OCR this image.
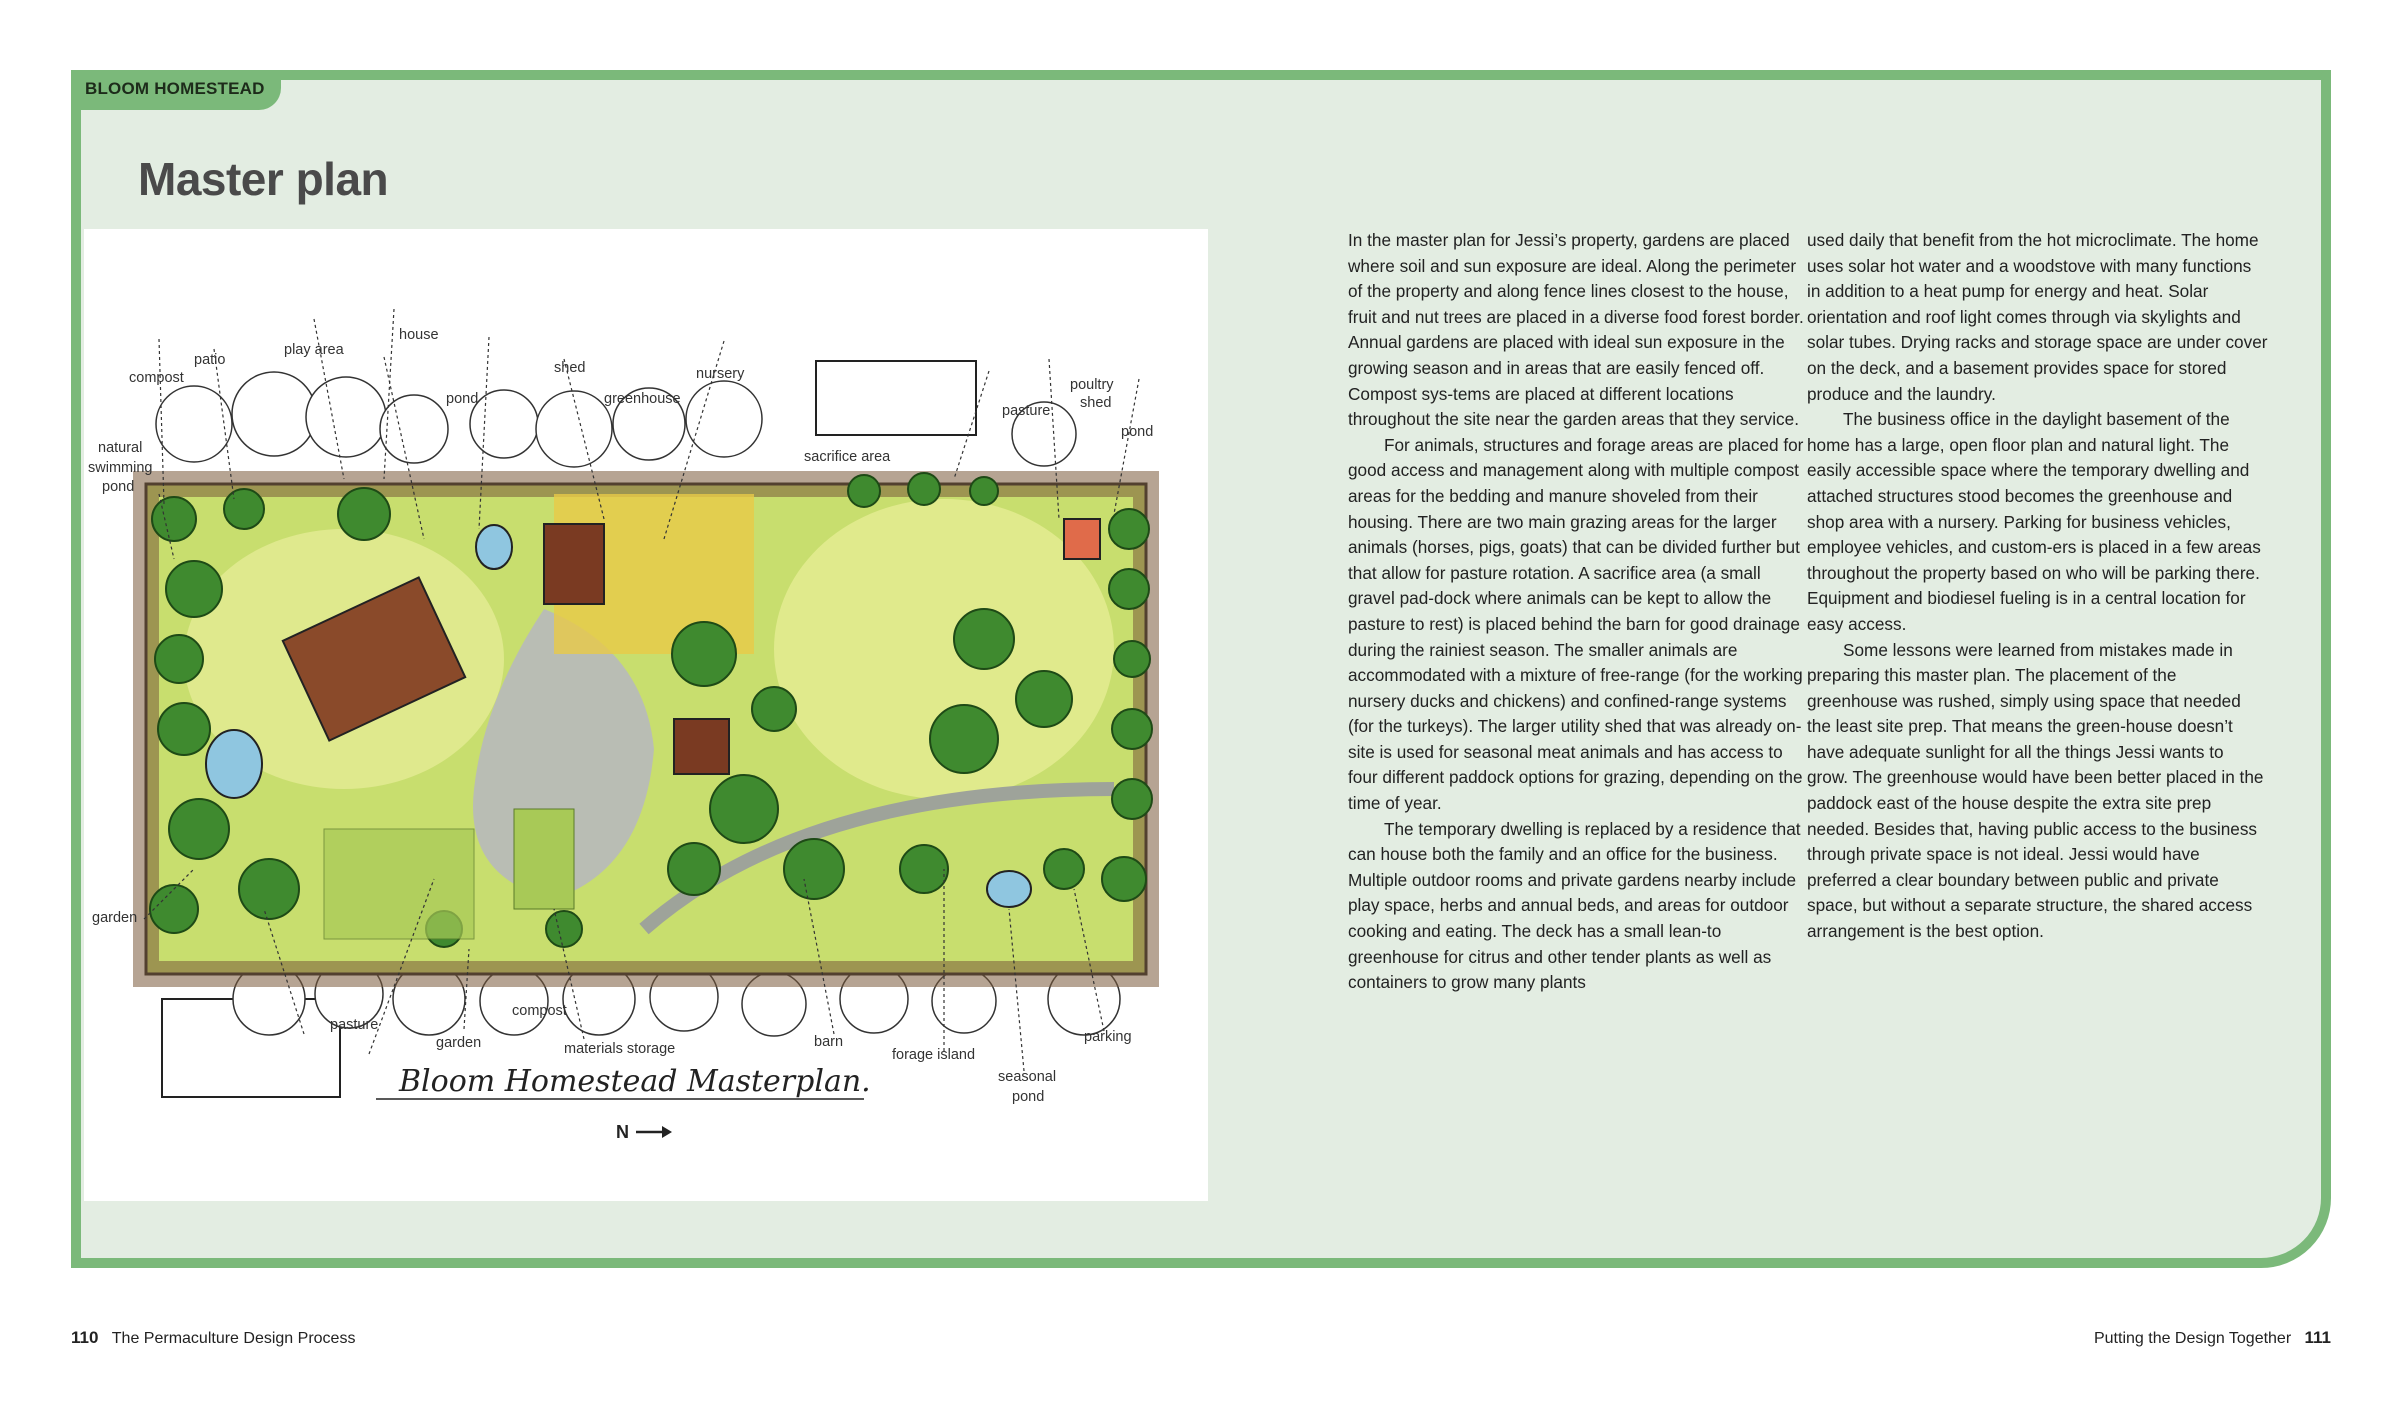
BLOOM HOMESTEAD
Master plan
compost
patio
play area
house
shed
pond	greenhouse
nursery
pasture
poultry
shed
pond
sacrifice area
natural
swimming
pond
garden
pasture
garden
compost
materials storage	barn
forage island
seasonal
pond
parking
Bloom Homestead Masterplan.
N

In the master plan for Jessi’s property, gardens are placed where soil and sun exposure are ideal. Along the perimeter of the property and along fence lines closest to the house, fruit and nut trees are placed in a diverse food forest border. Annual gardens are placed with ideal sun exposure in the growing season and in areas that are easily fenced off. Compost sys-tems are placed at different locations throughout the site near the garden areas that they service.

For animals, structures and forage areas are placed for good access and management along with multiple compost areas for the bedding and manure shoveled from their housing. There are two main grazing areas for the larger animals (horses, pigs, goats) that can be divided further but that allow for pasture rotation. A sacrifice area (a small gravel pad-dock where animals can be kept to allow the pasture to rest) is placed behind the barn for good drainage during the rainiest season. The smaller animals are accommodated with a mixture of free-range (for the working nursery ducks and chickens) and confined-range systems (for the turkeys). The larger utility shed that was already on-site is used for seasonal meat animals and has access to four different paddock options for grazing, depending on the time of year.

The temporary dwelling is replaced by a residence that can house both the family and an office for the business. Multiple outdoor rooms and private gardens nearby include play space, herbs and annual beds, and areas for outdoor cooking and eating. The deck has a small lean-to greenhouse for citrus and other tender plants as well as containers to grow many plants

used daily that benefit from the hot microclimate. The home uses solar hot water and a woodstove with many functions in addition to a heat pump for energy and heat. Solar orientation and roof light comes through via skylights and solar tubes. Drying racks and storage space are under cover on the deck, and a basement provides space for stored produce and the laundry.

The business office in the daylight basement of the home has a large, open floor plan and natural light. The easily accessible space where the temporary dwelling and attached structures stood becomes the greenhouse and shop area with a nursery. Parking for business vehicles, employee vehicles, and custom-ers is placed in a few areas throughout the property based on who will be parking there. Equipment and biodiesel fueling is in a central location for easy access.

Some lessons were learned from mistakes made in preparing this master plan. The placement of the greenhouse was rushed, simply using space that needed the least site prep. That means the green-house doesn’t have adequate sunlight for all the things Jessi wants to grow. The greenhouse would have been better placed in the paddock east of the house despite the extra site prep needed. Besides that, having public access to the business through private space is not ideal. Jessi would have preferred a clear boundary between public and private space, but without a separate structure, the shared access arrangement is the best option.

110 The Permaculture Design Process	Putting the Design Together 111
